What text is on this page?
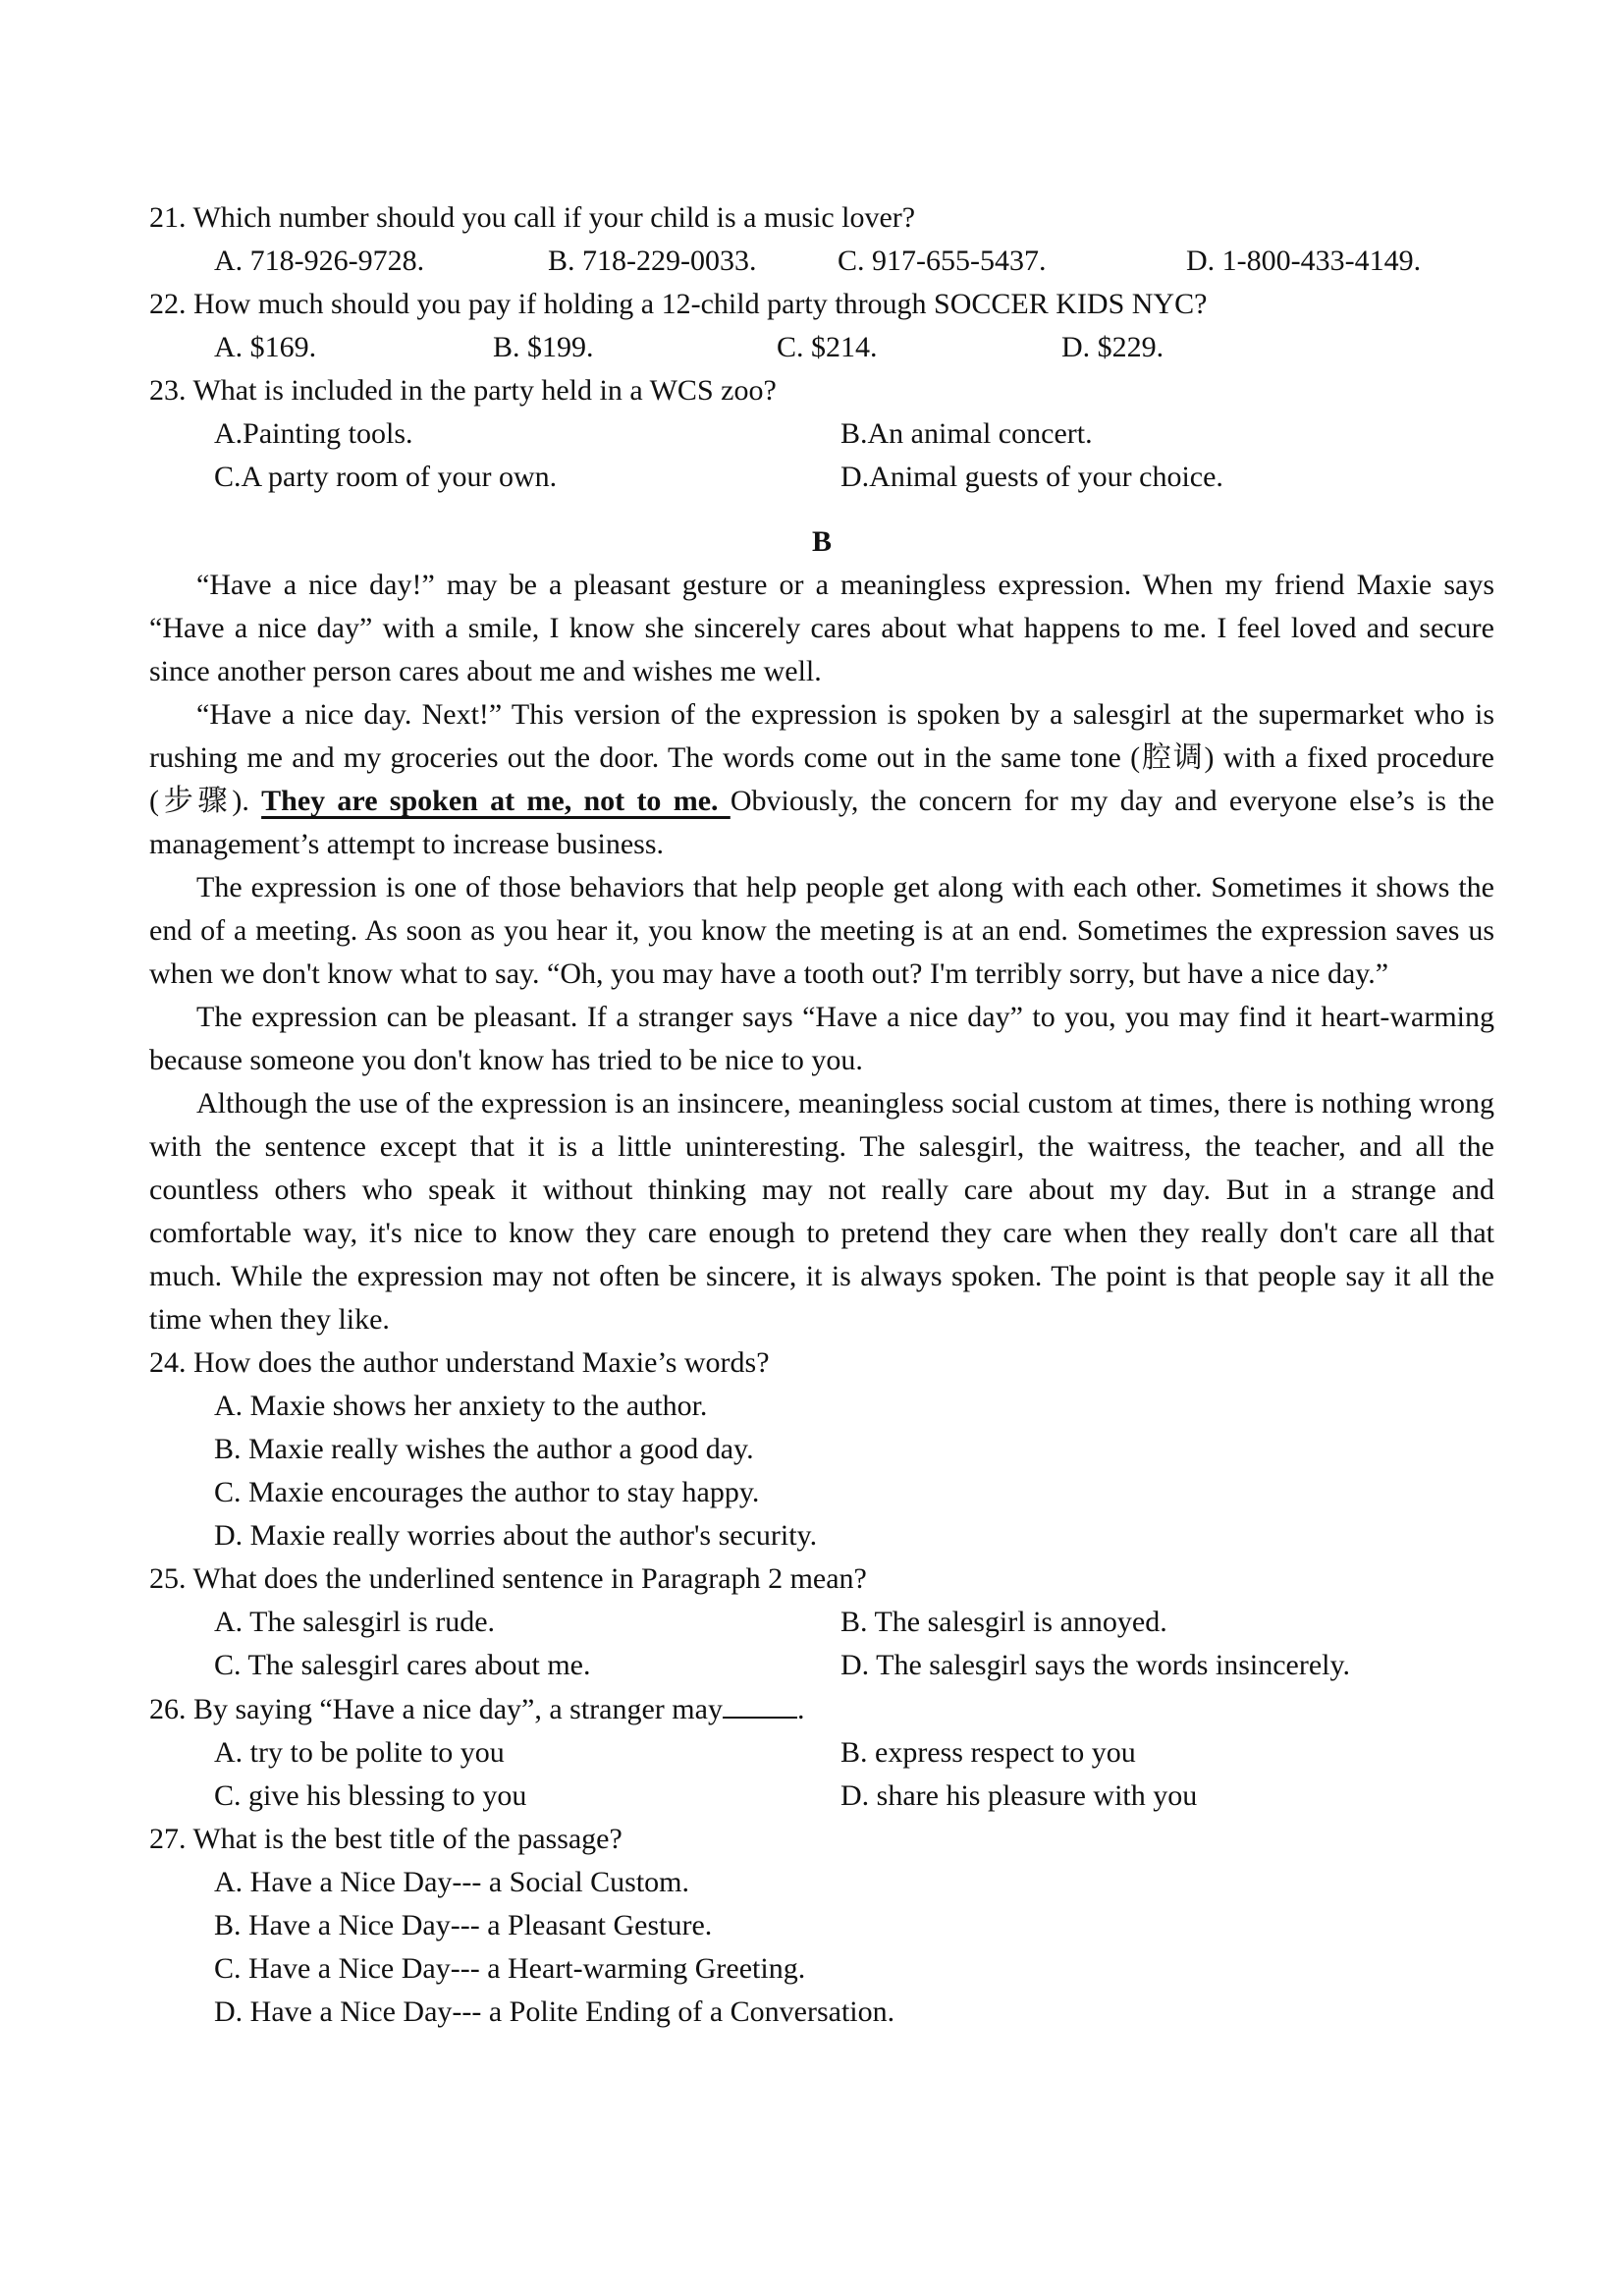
21. Which number should you call if your child is a music lover?

A. 718-926-9728.	B. 718-229-0033.	C. 917-655-5437.	D. 1-800-433-4149.

22. How much should you pay if holding a 12-child party through SOCCER KIDS NYC?

A. $169.	B. $199.	C. $214.	D. $229.

23. What is included in the party held in a WCS zoo?

A.Painting tools.	B.An animal concert.
C.A party room of your own.	D.Animal guests of your choice.

B

“Have a nice day!” may be a pleasant gesture or a meaningless expression. When my friend Maxie says “Have a nice day” with a smile, I know she sincerely cares about what happens to me. I feel loved and secure since another person cares about me and wishes me well.

“Have a nice day. Next!” This version of the expression is spoken by a salesgirl at the supermarket who is rushing me and my groceries out the door. The words come out in the same tone (腔调) with a fixed procedure (步骤). They are spoken at me, not to me. Obviously, the concern for my day and everyone else’s is the management’s attempt to increase business.

The expression is one of those behaviors that help people get along with each other. Sometimes it shows the end of a meeting. As soon as you hear it, you know the meeting is at an end. Sometimes the expression saves us when we don't know what to say. “Oh, you may have a tooth out? I'm terribly sorry, but have a nice day.”

The expression can be pleasant. If a stranger says “Have a nice day” to you, you may find it heart-warming because someone you don't know has tried to be nice to you.

Although the use of the expression is an insincere, meaningless social custom at times, there is nothing wrong with the sentence except that it is a little uninteresting. The salesgirl, the waitress, the teacher, and all the countless others who speak it without thinking may not really care about my day. But in a strange and comfortable way, it's nice to know they care enough to pretend they care when they really don't care all that much. While the expression may not often be sincere, it is always spoken. The point is that people say it all the time when they like.

24. How does the author understand Maxie’s words?

A. Maxie shows her anxiety to the author.
B. Maxie really wishes the author a good day.
C. Maxie encourages the author to stay happy.
D. Maxie really worries about the author's security.

25. What does the underlined sentence in Paragraph 2 mean?

A. The salesgirl is rude.	B. The salesgirl is annoyed.
C. The salesgirl cares about me.	D. The salesgirl says the words insincerely.

26. By saying “Have a nice day”, a stranger may	.

A. try to be polite to you	B. express respect to you
C. give his blessing to you	D. share his pleasure with you

27. What is the best title of the passage?

A. Have a Nice Day--- a Social Custom.
B. Have a Nice Day--- a Pleasant Gesture.
C. Have a Nice Day--- a Heart-warming Greeting.
D. Have a Nice Day--- a Polite Ending of a Conversation.
